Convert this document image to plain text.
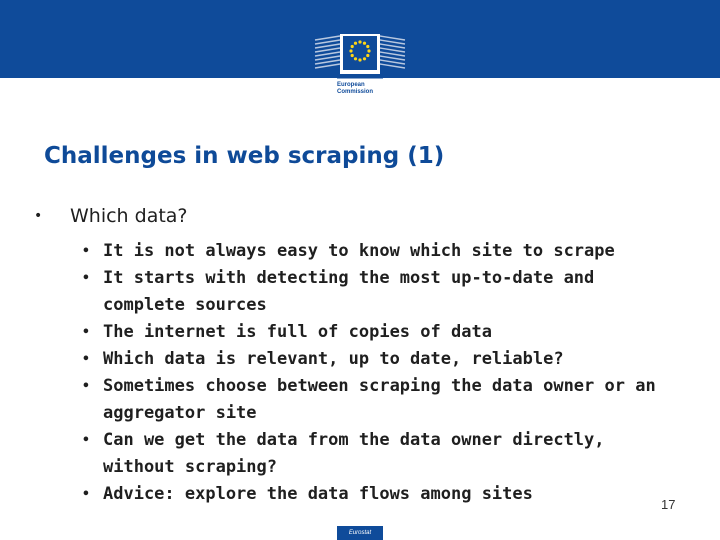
European
Commission
Challenges in web scraping (1)
• Which data?
• It is not always easy to know which site to scrape
• It starts with detecting the most up-to-date and complete sources
• The internet is full of copies of data
• Which data is relevant, up to date, reliable?
• Sometimes choose between scraping the data owner or an aggregator site
• Can we get the data from the data owner directly, without scraping?
• Advice: explore the data flows among sites
17
Eurostat
